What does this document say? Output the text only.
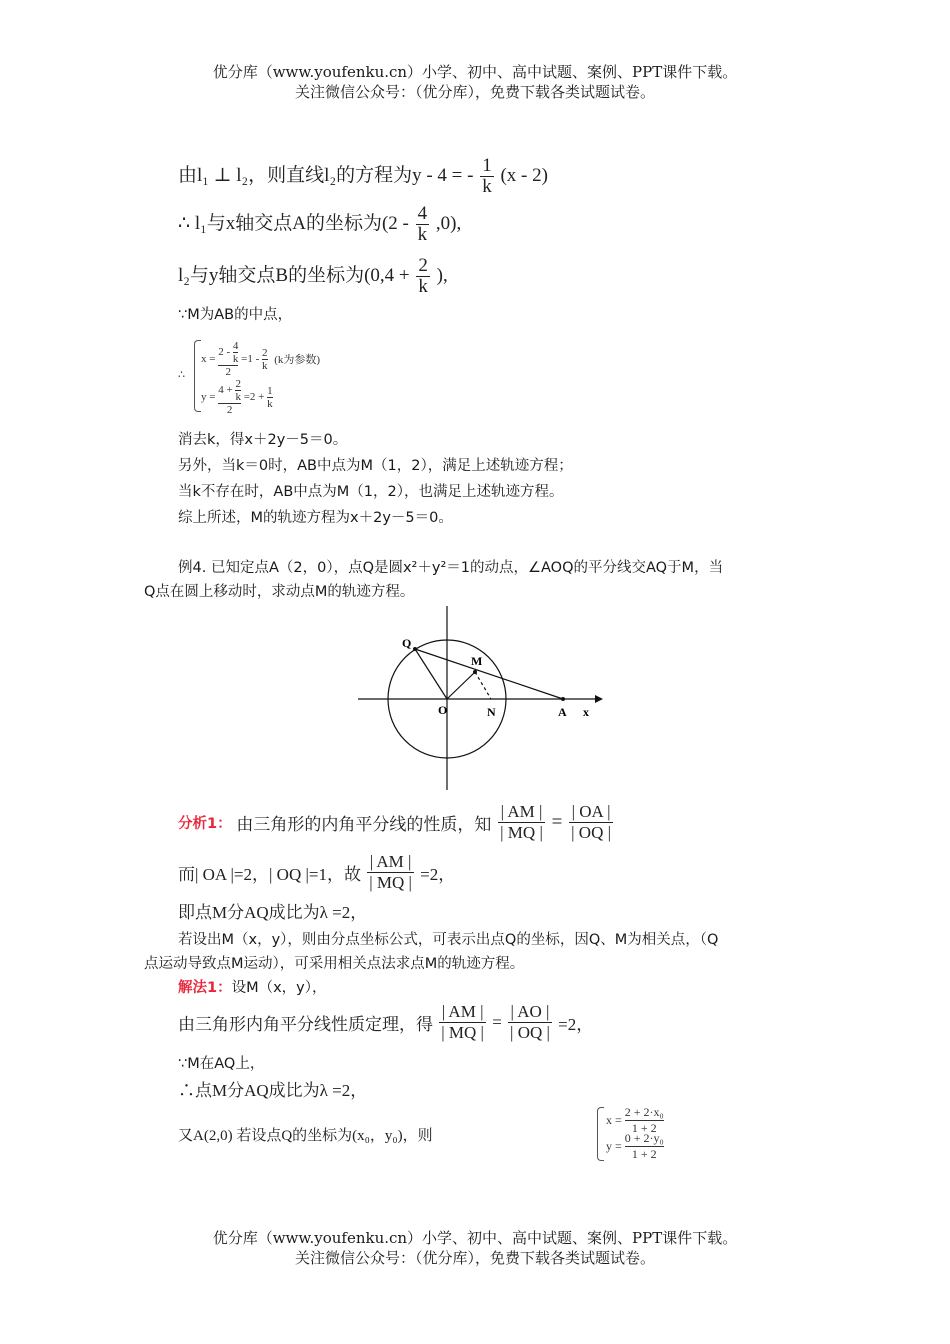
优分库（www.youfenku.cn）小学、初中、高中试题、案例、PPT课件下载。
关注微信公众号：（优分库），免费下载各类试题试卷。
由l₁ ⊥ l₂，则直线l₂的方程为y - 4 = - $\frac{1}{k} (x - 2)$
∴ l₁与x轴交点A的坐标为$(2 - \frac{4}{k} ,0)$,
l₂与y轴交点B的坐标为($0,4 + \frac{2}{k}$ ),
∵M为AB的中点，
∴
$x = \frac{2 - \frac{4}{k}}{2} =1 - \frac{2}{k} (k$为参数)
$y = \frac{4 + \frac{2}{k}}{2} =2 + \frac{1}{k}$
消去k，得x＋2y－5＝0。
另外，当k＝0时，AB中点为M（1，2），满足上述轨迹方程；
当k不存在时，AB中点为M（1，2），也满足上述轨迹方程。
综上所述，M的轨迹方程为x＋2y－5＝0。
例4. 已知定点A（2，0），点Q是圆x²＋y²＝1的动点，∠AOQ的平分线交AQ于M，当
Q点在圆上移动时，求动点M的轨迹方程。
Q
M
O	N	A x
分析1： 由三角形的内角平分线的性质，知 $\frac{| AM |}{| MQ |} = \frac{| OA |}{| OQ |}$
而| OA |=2，| OQ |=1，故 $\frac{| AM |}{| MQ |} =2$，
即点M分AQ成比为λ =2，
若设出M（x，y），则由分点坐标公式，可表示出点Q的坐标，因Q、M为相关点，（Q
点运动导致点M运动），可采用相关点法求点M的轨迹方程。
解法1：设M（x，y），
由三角形内角平分线性质定理，得 $\frac{| AM |}{| MQ |} = \frac{| AO |}{| OQ |} =2$，
∵M在AQ上，
∴点M分AQ成比为λ =2，
又A(2,0) 若设点Q的坐标为(x₀，y₀)，则
$x = \frac{\text{2 + 2·x₀}}{1 + 2}$
$y = \frac{\text{0 + 2·y₀}}{1 + 2}$
优分库（www.youfenku.cn）小学、初中、高中试题、案例、PPT课件下载。
关注微信公众号：（优分库），免费下载各类试题试卷。
